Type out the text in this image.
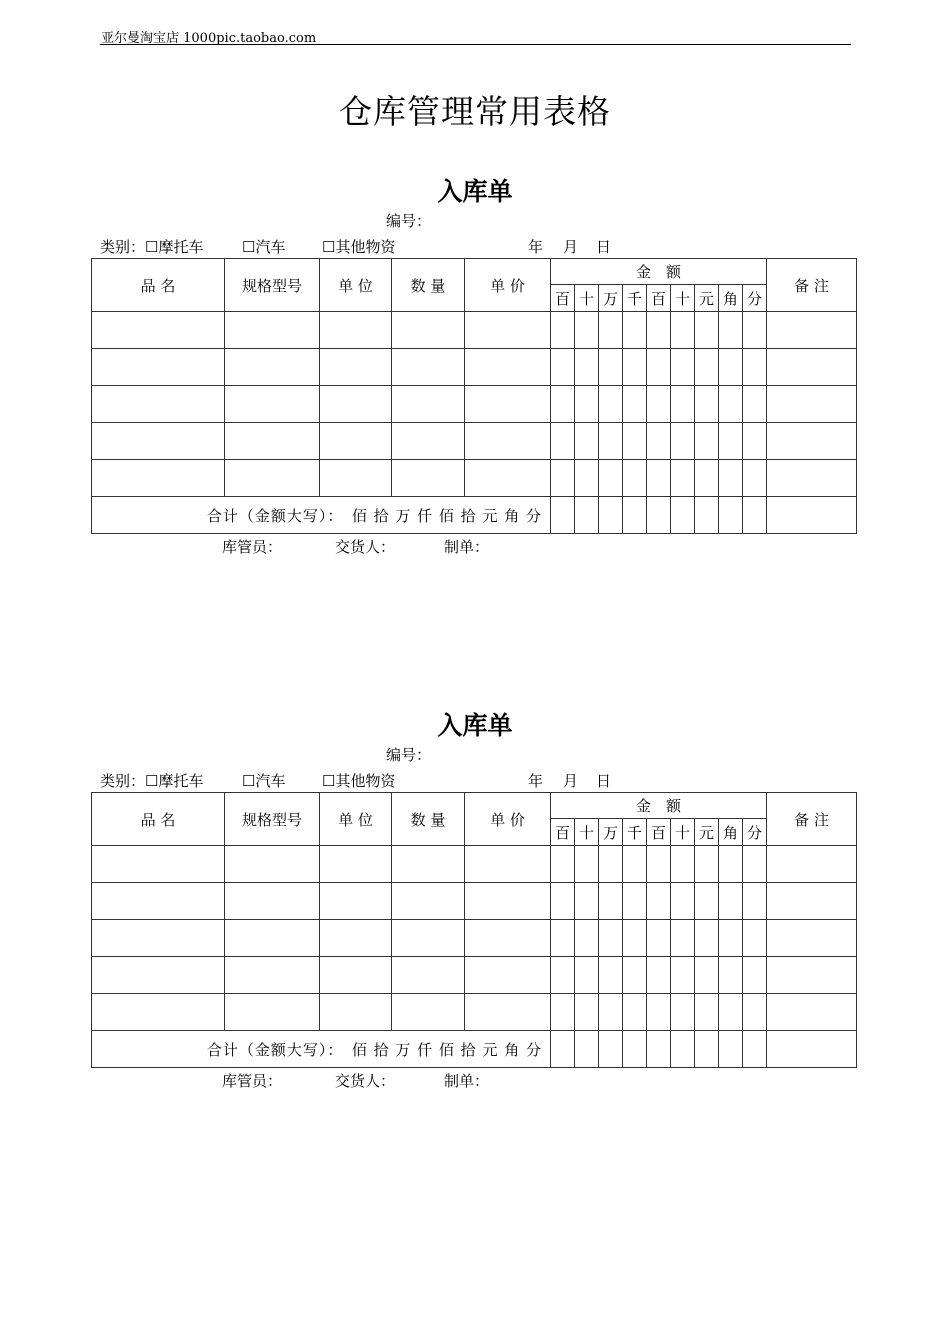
亚尔曼淘宝店 1000pic.taobao.com
仓库管理常用表格
入库单
编号：
类别：☐摩托车	☐汽车 ☐其他物资	年 月 日
品 名	规格型号	单 位	数 量	单 价	金　额									备 注
					百	十	万	千	百	十	元	角	分	

合计（金额大写）：　佰 拾 万 仟 佰 拾 元 角 分														
库管员：	交货人：	制单：
入库单
编号：
类别：☐摩托车	☐汽车 ☐其他物资	年 月 日
品 名	规格型号	单 位	数 量	单 价	金　额									备 注
					百	十	万	千	百	十	元	角	分	

合计（金额大写）：　佰 拾 万 仟 佰 拾 元 角 分														
库管员：	交货人：	制单：
